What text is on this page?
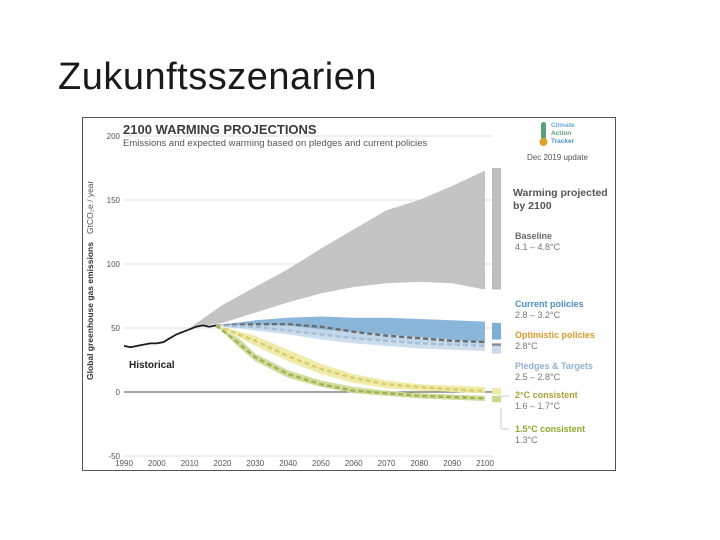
Zukunftsszenarien
2100 WARMING PROJECTIONS
Emissions and expected warming based on pledges and current policies
Dec 2019 update
Climate
Action
Tracker
Global greenhouse gas emissions
GtCO₂e / year
200
150
100
50
0
-50
1990 2000 2010 2020 2030 2040 2050 2060 2070 2080 2090 2100
Historical
Warming projected
by 2100
Baseline
4.1 – 4.8°C
Current policies
2.8 – 3.2°C
Optimistic policies
2.8°C
Pledges & Targets
2.5 – 2.8°C
2°C consistent
1.6 – 1.7°C
1.5°C consistent
1.3°C
